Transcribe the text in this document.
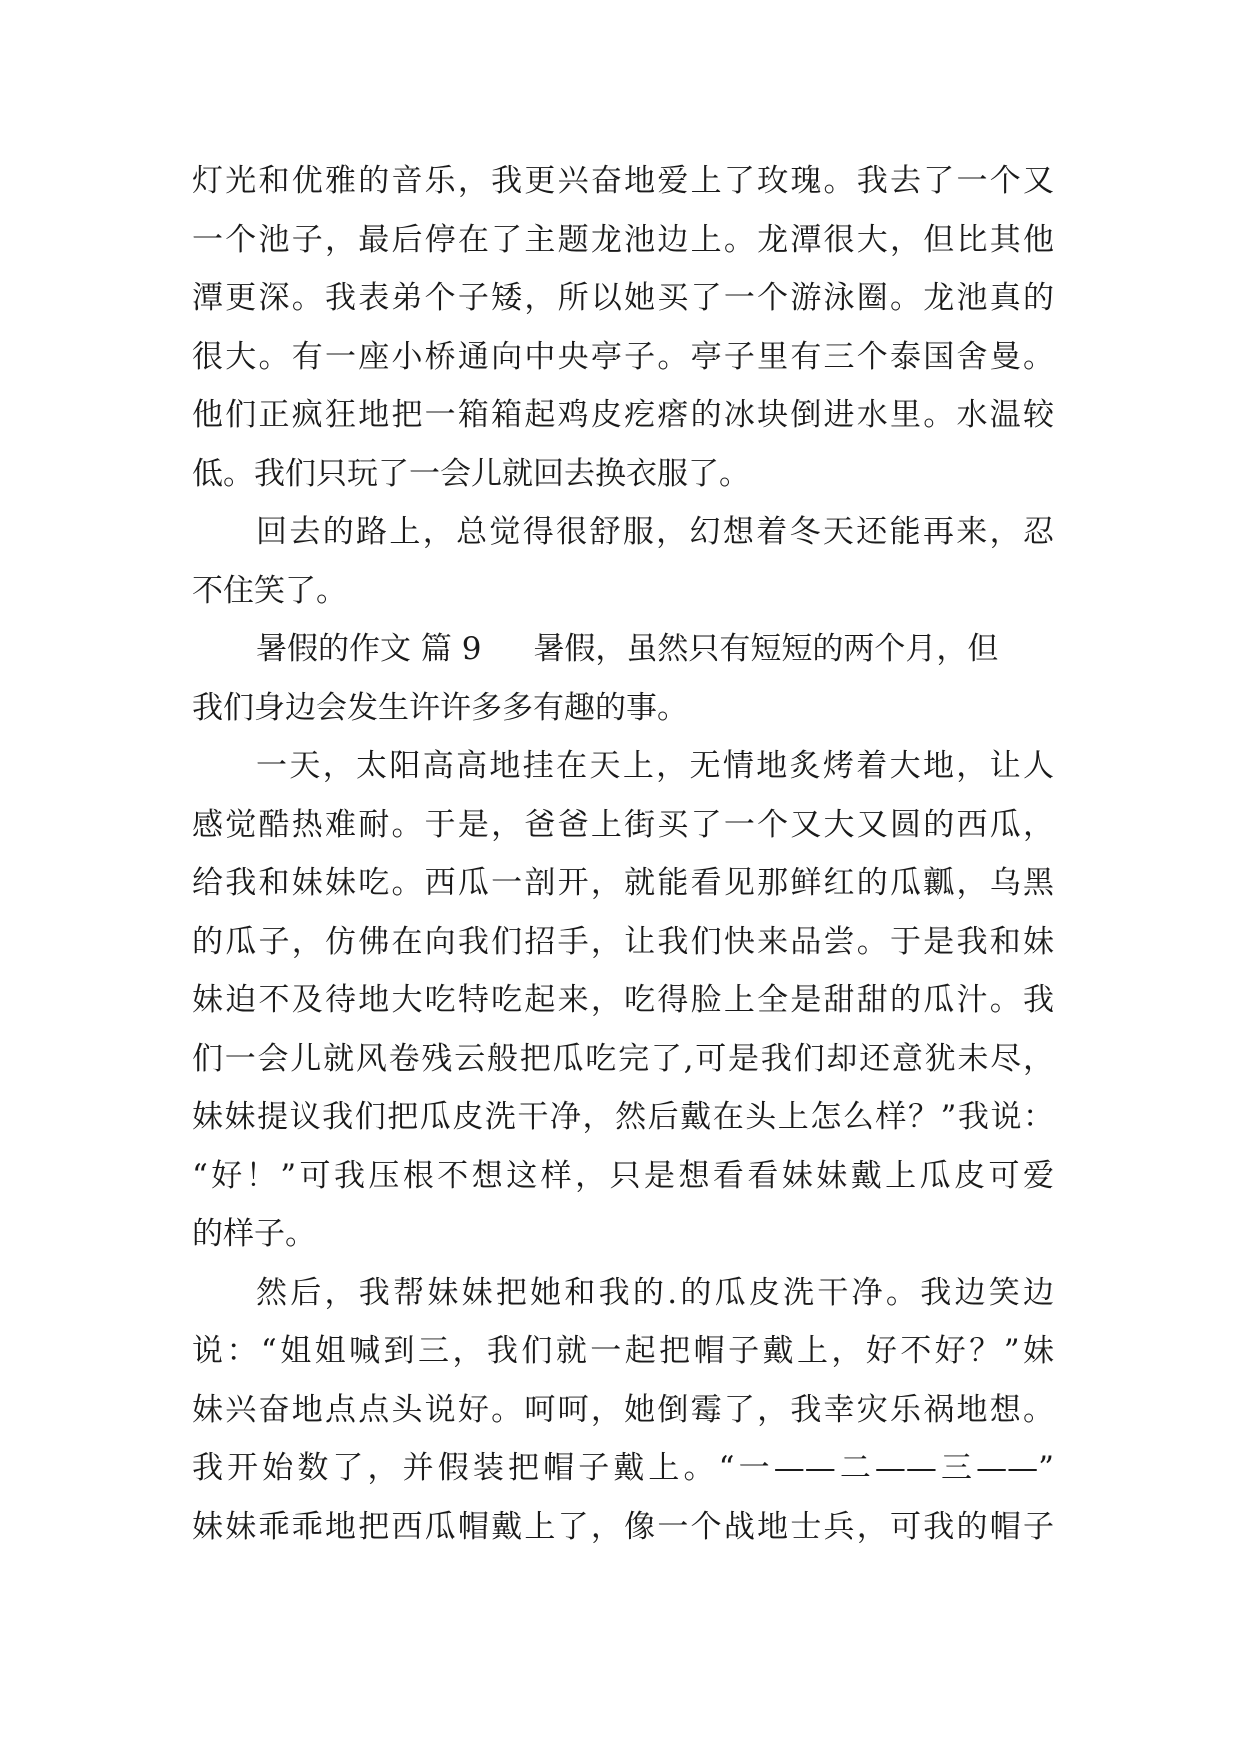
灯光和优雅的音乐，我更兴奋地爱上了玫瑰。我去了一个又
一个池子，最后停在了主题龙池边上。龙潭很大，但比其他
潭更深。我表弟个子矮，所以她买了一个游泳圈。龙池真的
很大。有一座小桥通向中央亭子。亭子里有三个泰国舍曼。
他们正疯狂地把一箱箱起鸡皮疙瘩的冰块倒进水里。水温较
低。我们只玩了一会儿就回去换衣服了。
回去的路上，总觉得很舒服，幻想着冬天还能再来，忍
不住笑了。
暑假的作文 篇 9 暑假，虽然只有短短的两个月，但
我们身边会发生许许多多有趣的事。
一天，太阳高高地挂在天上，无情地炙烤着大地，让人
感觉酷热难耐。于是，爸爸上街买了一个又大又圆的西瓜，
给我和妹妹吃。西瓜一剖开，就能看见那鲜红的瓜瓤，乌黑
的瓜子，仿佛在向我们招手，让我们快来品尝。于是我和妹
妹迫不及待地大吃特吃起来，吃得脸上全是甜甜的瓜汁。我
们一会儿就风卷残云般把瓜吃完了,可是我们却还意犹未尽，
妹妹提议我们把瓜皮洗干净，然后戴在头上怎么样？”我说：
“好！”可我压根不想这样，只是想看看妹妹戴上瓜皮可爱
的样子。
然后，我帮妹妹把她和我的.的瓜皮洗干净。我边笑边
说：“姐姐喊到三，我们就一起把帽子戴上，好不好？”妹
妹兴奋地点点头说好。呵呵，她倒霉了，我幸灾乐祸地想。
我开始数了，并假装把帽子戴上。“一——二——三——”
妹妹乖乖地把西瓜帽戴上了，像一个战地士兵，可我的帽子
